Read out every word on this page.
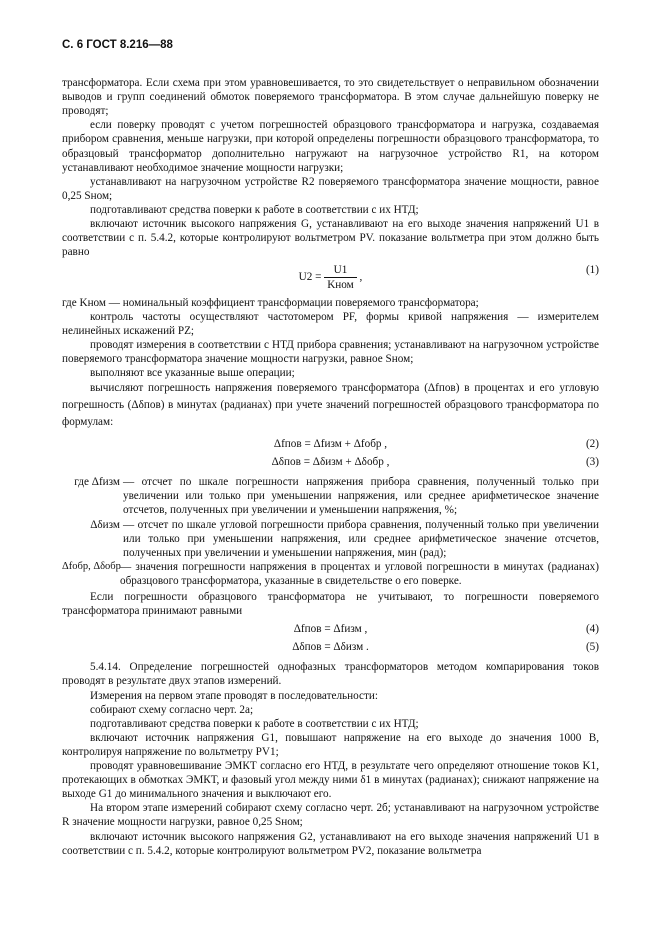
С. 6 ГОСТ 8.216—88

трансформатора. Если схема при этом уравновешивается, то это свидетельствует о неправильном обозначении выводов и групп соединений обмоток поверяемого трансформатора. В этом случае дальнейшую поверку не проводят;

если поверку проводят с учетом погрешностей образцового трансформатора и нагрузка, создаваемая прибором сравнения, меньше нагрузки, при которой определены погрешности образцового трансформатора, то образцовый трансформатор дополнительно нагружают на нагрузочное устройство R1, на котором устанавливают необходимое значение мощности нагрузки;

устанавливают на нагрузочном устройстве R2 поверяемого трансформатора значение мощности, равное 0,25 Sном;

подготавливают средства поверки к работе в соответствии с их НТД;

включают источник высокого напряжения G, устанавливают на его выходе значения напряжений U1 в соответствии с п. 5.4.2, которые контролируют вольтметром PV. показание вольтметра при этом должно быть равно

$U2 = \frac{U1}{\text{Kном}}$ ,
(1)

где Kном — номинальный коэффициент трансформации поверяемого трансформатора;

контроль частоты осуществляют частотомером PF, формы кривой напряжения — измерителем нелинейных искажений PZ;

проводят измерения в соответствии с НТД прибора сравнения; устанавливают на нагрузочном устройстве поверяемого трансформатора значение мощности нагрузки, равное Sном;

выполняют все указанные выше операции;

вычисляют погрешность напряжения поверяемого трансформатора (Δfпов) в процентах и его угловую погрешность (Δδпов) в минутах (радианах) при учете значений погрешностей образцового трансформатора по формулам:

Δfпов = Δfизм + Δfобр ,	(2)
Δδпов = Δδизм + Δδобр ,	(3)
где Δfизм — отсчет по шкале погрешности напряжения прибора сравнения, полученный только при увеличении или только при уменьшении напряжения, или среднее арифметическое значение отсчетов, полученных при увеличении и уменьшении напряжения, %;
Δδизм — отсчет по шкале угловой погрешности прибора сравнения, полученный только при увеличении или только при уменьшении напряжения, или среднее арифметическое значение отсчетов, полученных при увеличении и уменьшении напряжения, мин (рад);
Δfобр, Δδобр — значения погрешности напряжения в процентах и угловой погрешности в минутах (радианах) образцового трансформатора, указанные в свидетельстве о его поверке.

Если погрешности образцового трансформатора не учитывают, то погрешности поверяемого трансформатора принимают равными

Δfпов = Δfизм ,	(4)
Δδпов = Δδизм .	(5)

5.4.14. Определение погрешностей однофазных трансформаторов методом компарирования токов проводят в результате двух этапов измерений.

Измерения на первом этапе проводят в последовательности:

собирают схему согласно черт. 2а;

подготавливают средства поверки к работе в соответствии с их НТД;

включают источник напряжения G1, повышают напряжение на его выходе до значения 1000 В, контролируя напряжение по вольтметру PV1;

проводят уравновешивание ЭМКТ согласно его НТД, в результате чего определяют отношение токов K1, протекающих в обмотках ЭМКТ, и фазовый угол между ними δ1 в минутах (радианах); снижают напряжение на выходе G1 до минимального значения и выключают его.

На втором этапе измерений собирают схему согласно черт. 2б; устанавливают на нагрузочном устройстве R значение мощности нагрузки, равное 0,25 Sном;

включают источник высокого напряжения G2, устанавливают на его выходе значения напряжений U1 в соответствии с п. 5.4.2, которые контролируют вольтметром PV2, показание вольтметра
